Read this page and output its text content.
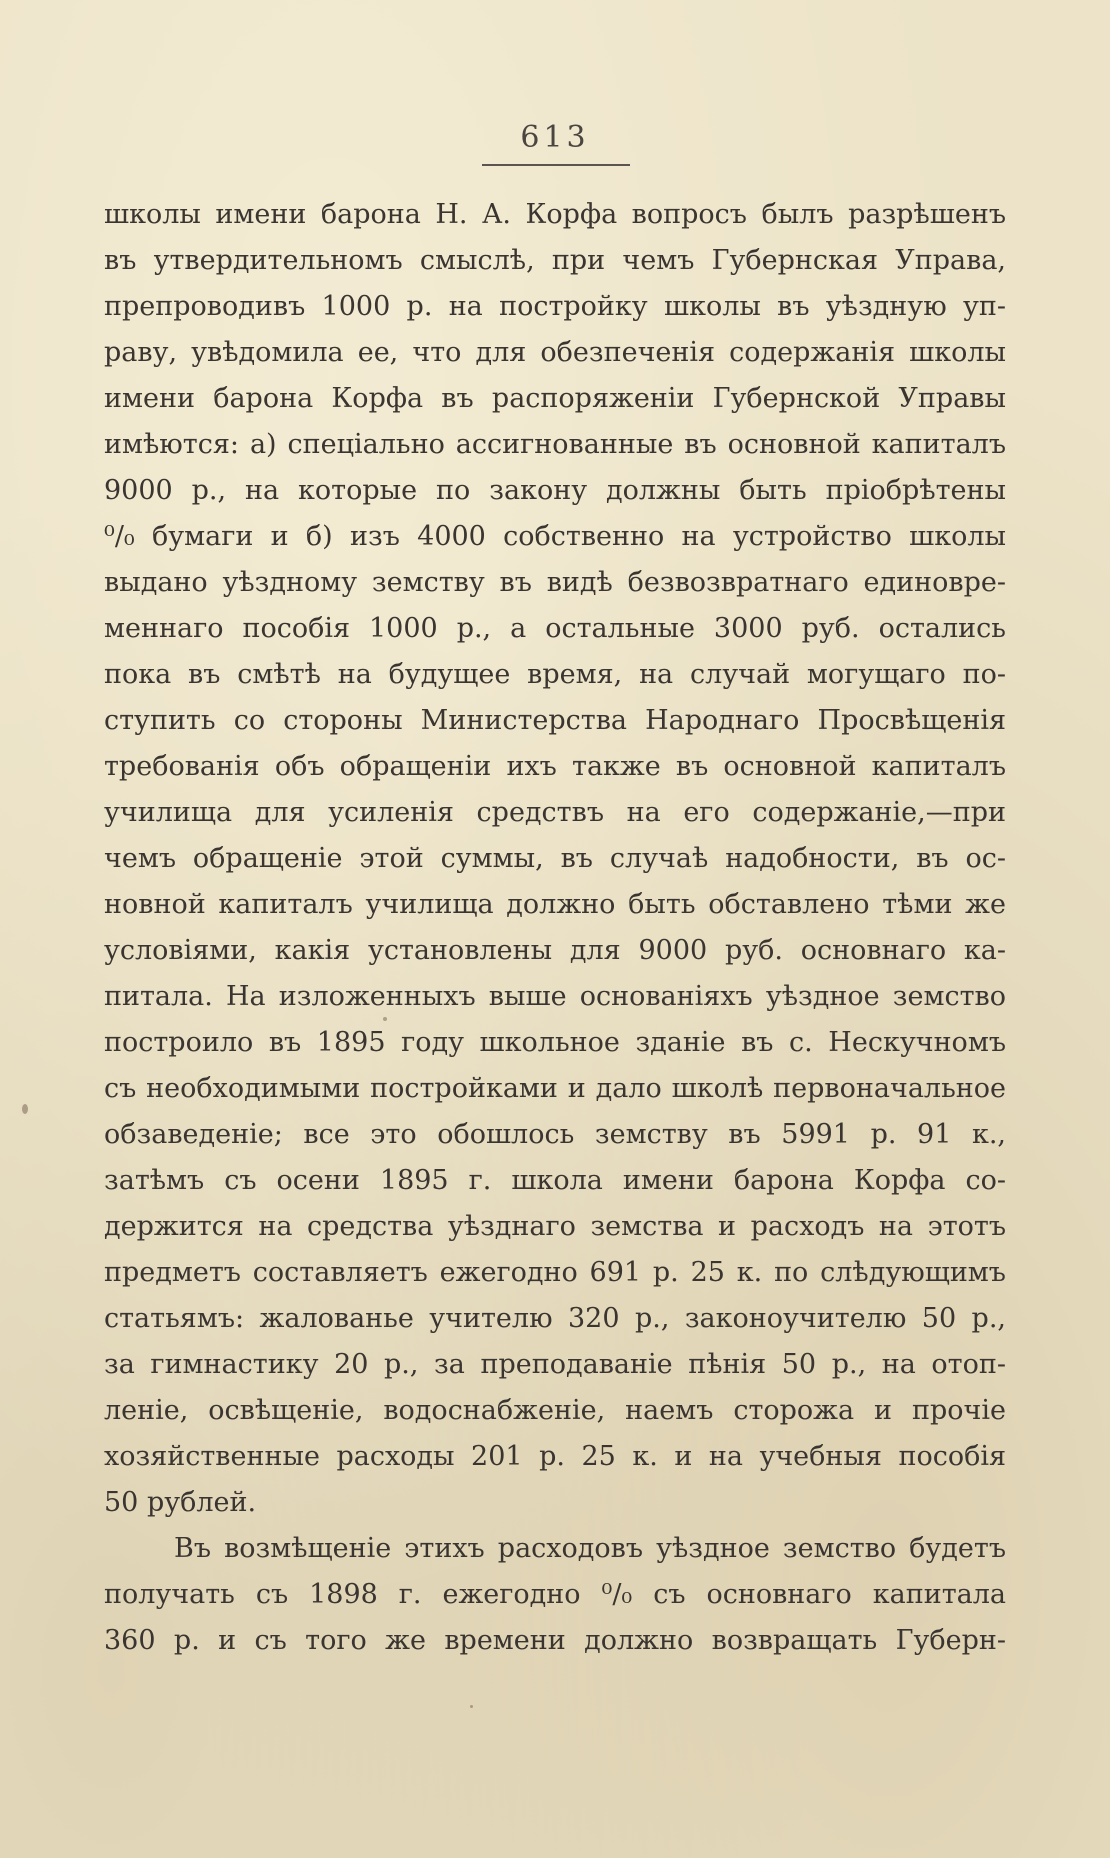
613
школы имени барона Н. А. Корфа вопросъ былъ разрѣшенъ
въ утвердительномъ смыслѣ, при чемъ Губернская Управа,
препроводивъ 1000 р. на постройку школы въ уѣздную уп-
раву, увѣдомила ее, что для обезпеченія содержанія школы
имени барона Корфа въ распоряженіи Губернской Управы
имѣются: а) спеціально ассигнованные въ основной капиталъ
9000 р., на которые по закону должны быть пріобрѣтены
⁰/₀ бумаги и б) изъ 4000 собственно на устройство школы
выдано уѣздному земству въ видѣ безвозвратнаго единовре-
меннаго пособія 1000 р., а остальные 3000 руб. остались
пока въ смѣтѣ на будущее время, на случай могущаго по-
ступить со стороны Министерства Народнаго Просвѣщенія
требованія объ обращеніи ихъ также въ основной капиталъ
училища для усиленія средствъ на его содержаніе,—при
чемъ обращеніе этой суммы, въ случаѣ надобности, въ ос-
новной капиталъ училища должно быть обставлено тѣми же
условіями, какія установлены для 9000 руб. основнаго ка-
питала. На изложенныхъ выше основаніяхъ уѣздное земство
построило въ 1895 году школьное зданіе въ с. Нескучномъ
съ необходимыми постройками и дало школѣ первоначальное
обзаведеніе; все это обошлось земству въ 5991 р. 91 к.,
затѣмъ съ осени 1895 г. школа имени барона Корфа со-
держится на средства уѣзднаго земства и расходъ на этотъ
предметъ составляетъ ежегодно 691 р. 25 к. по слѣдующимъ
статьямъ: жалованье учителю 320 р., законоучителю 50 р.,
за гимнастику 20 р., за преподаваніе пѣнія 50 р., на отоп-
леніе, освѣщеніе, водоснабженіе, наемъ сторожа и прочіе
хозяйственные расходы 201 р. 25 к. и на учебныя пособія
50 рублей.
Въ возмѣщеніе этихъ расходовъ уѣздное земство будетъ
получать съ 1898 г. ежегодно ⁰/₀ съ основнаго капитала
360 р. и съ того же времени должно возвращать Губерн-
